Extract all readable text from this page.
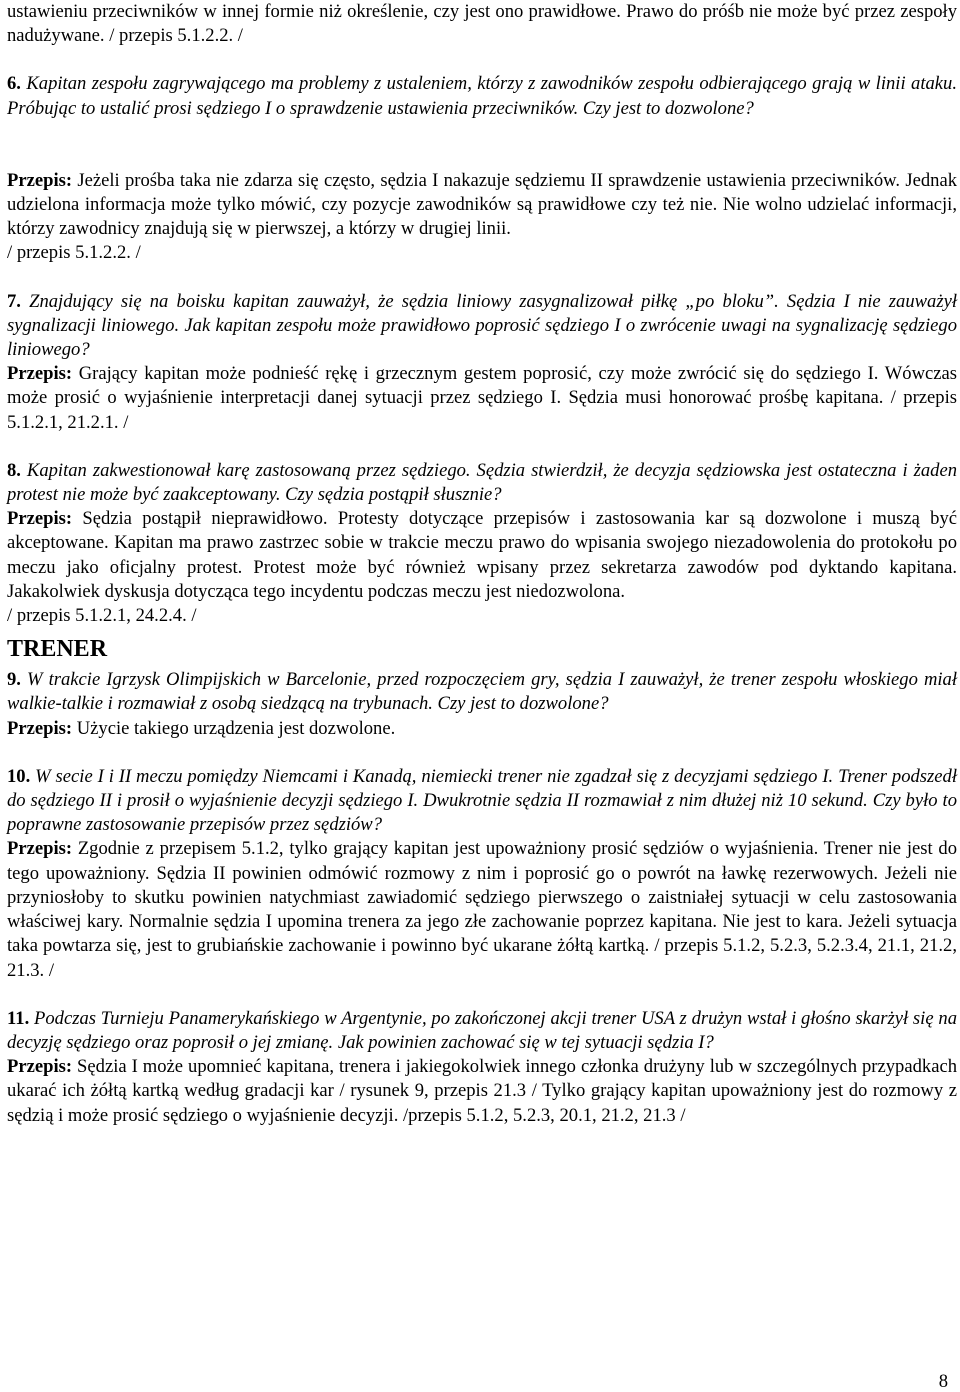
ustawieniu przeciwników w innej formie niż określenie, czy jest ono prawidłowe. Prawo do próśb nie może być przez zespoły nadużywane. / przepis 5.1.2.2. /

6. Kapitan zespołu zagrywającego ma problemy z ustaleniem, którzy z zawodników zespołu odbierającego grają w linii ataku. Próbując to ustalić prosi sędziego I o sprawdzenie ustawienia przeciwników. Czy jest to dozwolone?

Przepis: Jeżeli prośba taka nie zdarza się często, sędzia I nakazuje sędziemu II sprawdzenie ustawienia przeciwników. Jednak udzielona informacja może tylko mówić, czy pozycje zawodników są prawidłowe czy też nie. Nie wolno udzielać informacji, którzy zawodnicy znajdują się w pierwszej, a którzy w drugiej linii.

/ przepis 5.1.2.2. /

7. Znajdujący się na boisku kapitan zauważył, że sędzia liniowy zasygnalizował piłkę „po bloku”. Sędzia I nie zauważył sygnalizacji liniowego. Jak kapitan zespołu może prawidłowo poprosić sędziego I o zwrócenie uwagi na sygnalizację sędziego liniowego?

Przepis: Grający kapitan może podnieść rękę i grzecznym gestem poprosić, czy może zwrócić się do sędziego I. Wówczas może prosić o wyjaśnienie interpretacji danej sytuacji przez sędziego I. Sędzia musi honorować prośbę kapitana. / przepis 5.1.2.1, 21.2.1. /

8. Kapitan zakwestionował karę zastosowaną przez sędziego. Sędzia stwierdził, że decyzja sędziowska jest ostateczna i żaden protest nie może być zaakceptowany. Czy sędzia postąpił słusznie?

Przepis: Sędzia postąpił nieprawidłowo. Protesty dotyczące przepisów i zastosowania kar są dozwolone i muszą być akceptowane. Kapitan ma prawo zastrzec sobie w trakcie meczu prawo do wpisania swojego niezadowolenia do protokołu po meczu jako oficjalny protest. Protest może być również wpisany przez sekretarza zawodów pod dyktando kapitana. Jakakolwiek dyskusja dotycząca tego incydentu podczas meczu jest niedozwolona.

/ przepis 5.1.2.1, 24.2.4. /

TRENER

9. W trakcie Igrzysk Olimpijskich w Barcelonie, przed rozpoczęciem gry, sędzia I zauważył, że trener zespołu włoskiego miał walkie-talkie i rozmawiał z osobą siedzącą na trybunach. Czy jest to dozwolone?

Przepis: Użycie takiego urządzenia jest dozwolone.

10. W secie I i II meczu pomiędzy Niemcami i Kanadą, niemiecki trener nie zgadzał się z decyzjami sędziego I. Trener podszedł do sędziego II i prosił o wyjaśnienie decyzji sędziego I. Dwukrotnie sędzia II rozmawiał z nim dłużej niż 10 sekund. Czy było to poprawne zastosowanie przepisów przez sędziów?

Przepis: Zgodnie z przepisem 5.1.2, tylko grający kapitan jest upoważniony prosić sędziów o wyjaśnienia. Trener nie jest do tego upoważniony. Sędzia II powinien odmówić rozmowy z nim i poprosić go o powrót na ławkę rezerwowych. Jeżeli nie przyniosłoby to skutku powinien natychmiast zawiadomić sędziego pierwszego o zaistniałej sytuacji w celu zastosowania właściwej kary. Normalnie sędzia I upomina trenera za jego złe zachowanie poprzez kapitana. Nie jest to kara. Jeżeli sytuacja taka powtarza się, jest to grubiańskie zachowanie i powinno być ukarane żółtą kartką. / przepis 5.1.2, 5.2.3, 5.2.3.4, 21.1, 21.2, 21.3. /

11. Podczas Turnieju Panamerykańskiego w Argentynie, po zakończonej akcji trener USA z drużyn wstał i głośno skarżył się na decyzję sędziego oraz poprosił o jej zmianę. Jak powinien zachować się w tej sytuacji sędzia I?

Przepis: Sędzia I może upomnieć kapitana, trenera i jakiegokolwiek innego członka drużyny lub w szczególnych przypadkach ukarać ich żółtą kartką według gradacji kar / rysunek 9, przepis 21.3 / Tylko grający kapitan upoważniony jest do rozmowy z sędzią i może prosić sędziego o wyjaśnienie decyzji. /przepis 5.1.2, 5.2.3, 20.1, 21.2, 21.3 /

8
